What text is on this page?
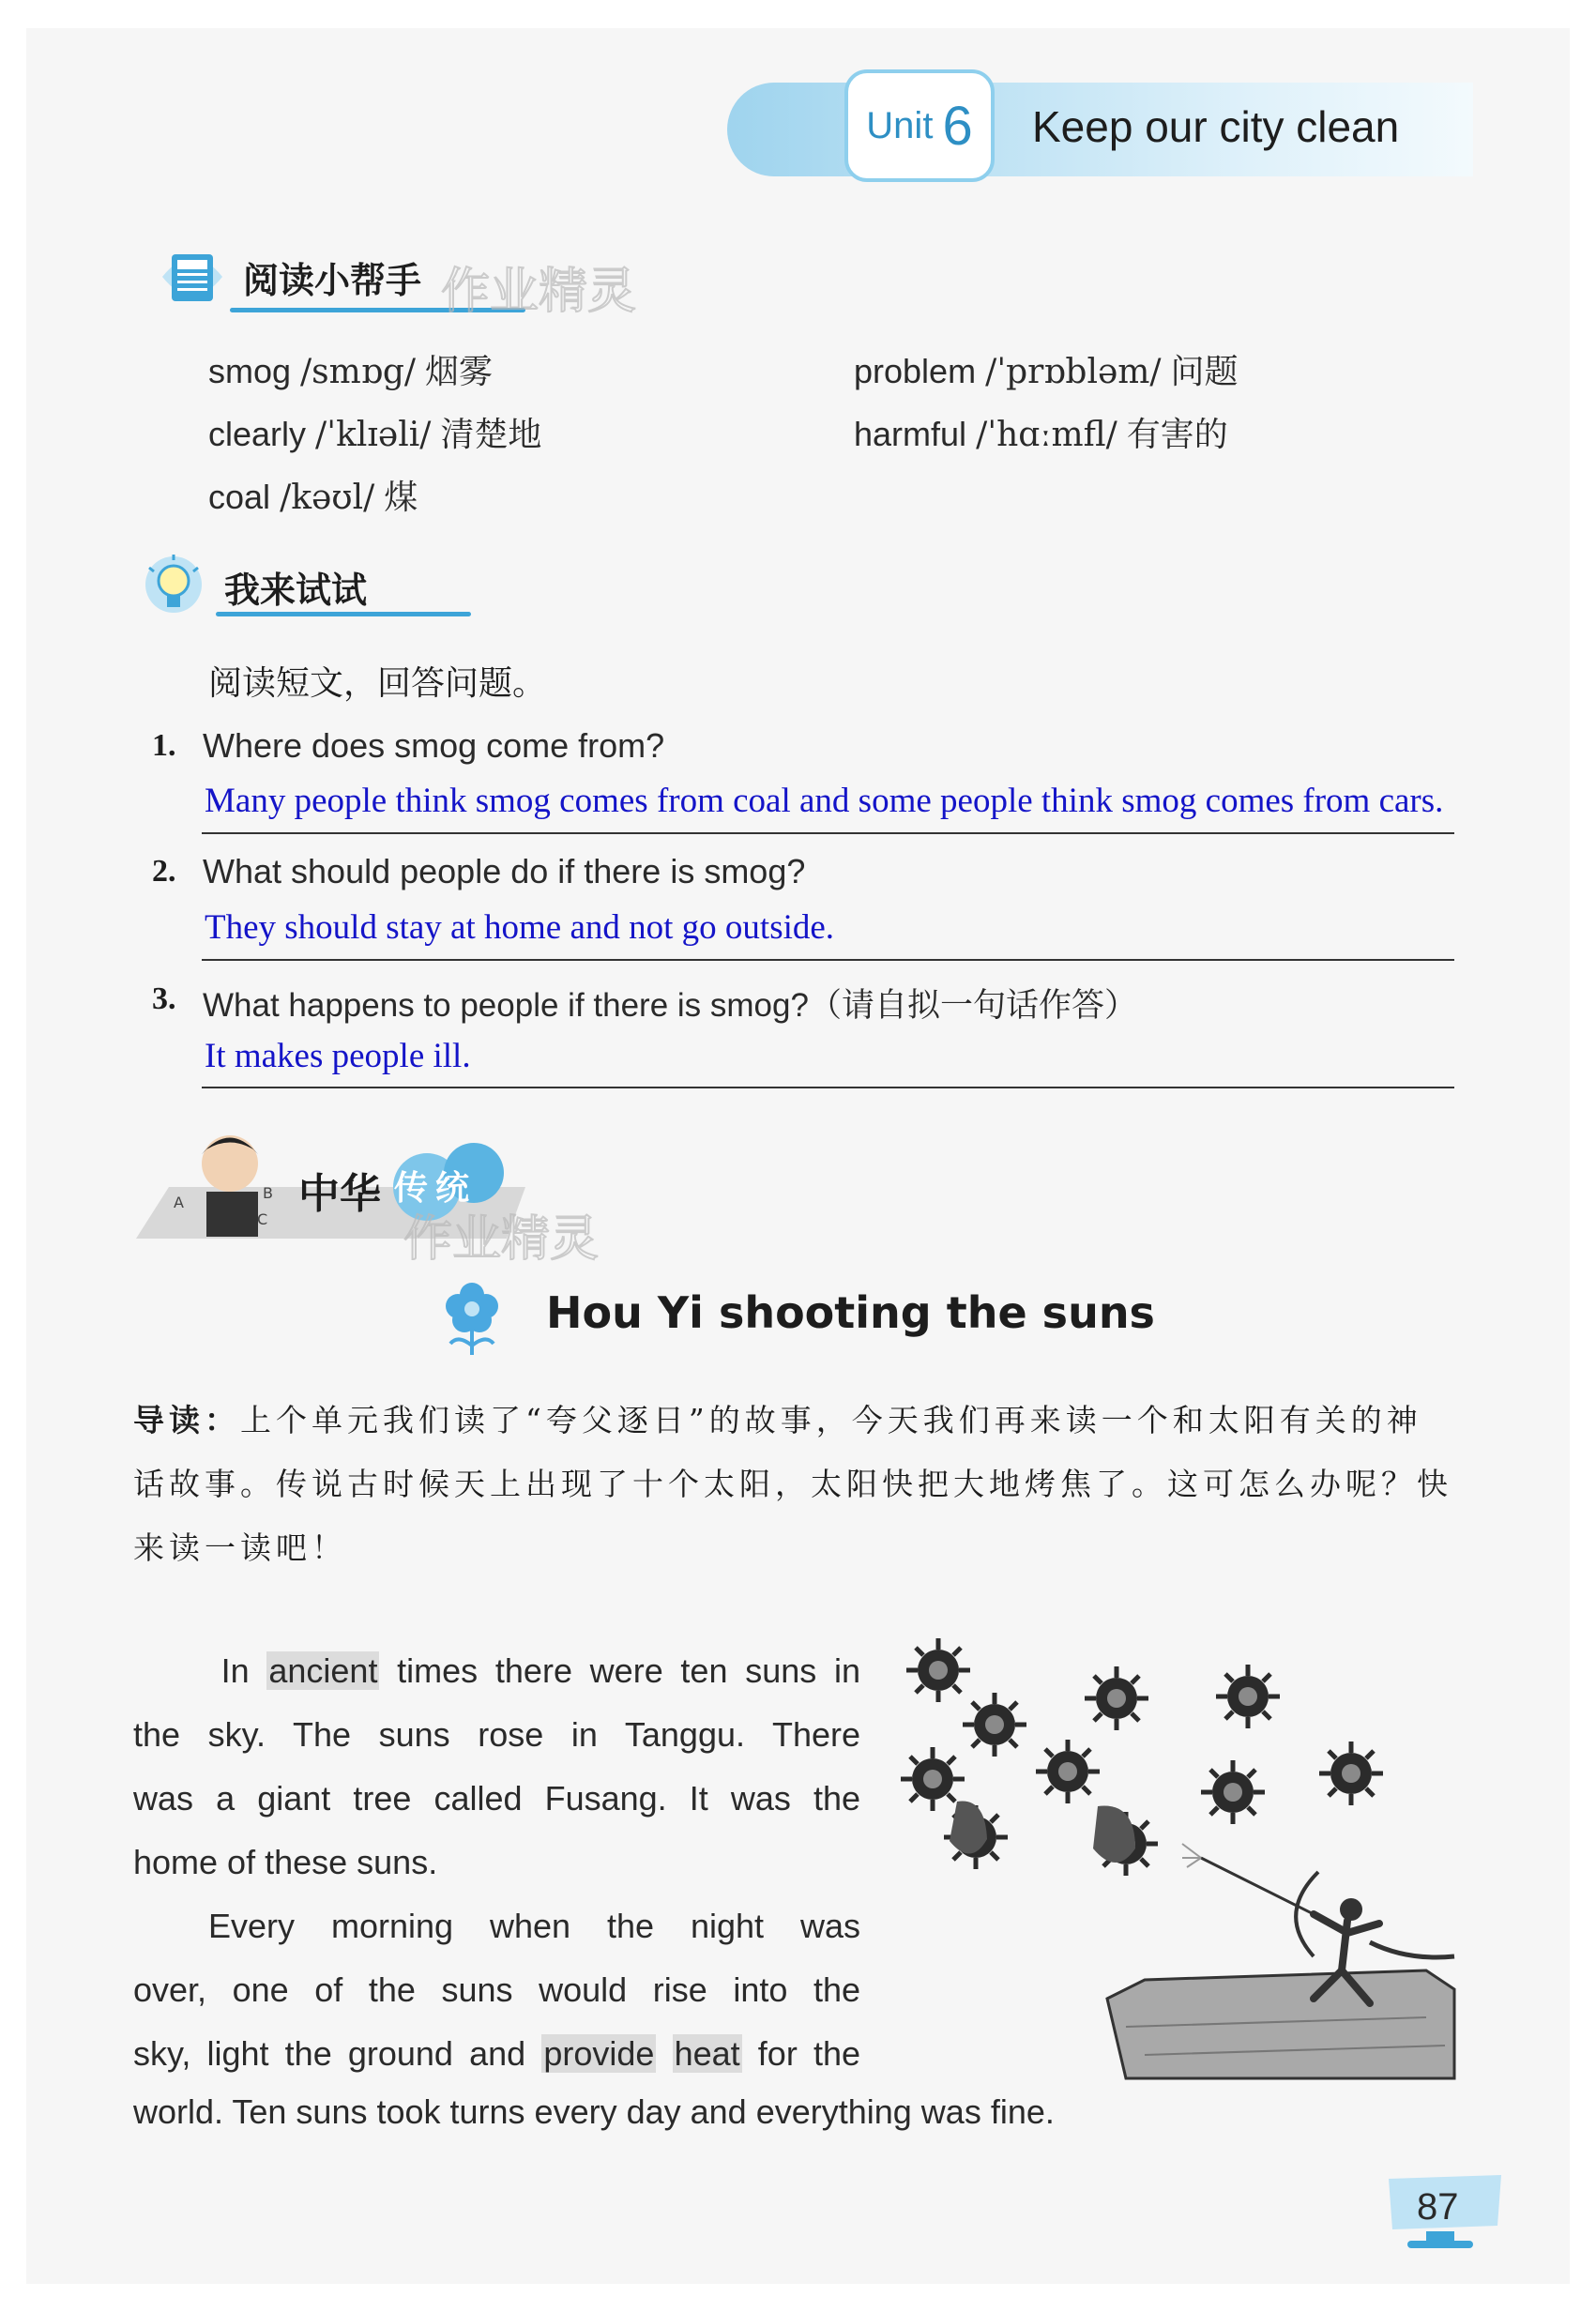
Unit 6 Keep our city clean
阅读小帮手 作业精灵
smog /smɒg/ 烟雾	problem /ˈprɒbləm/ 问题
clearly /ˈklɪəli/ 清楚地	harmful /ˈhɑːmfl/ 有害的
coal /kəʊl/ 煤
我来试试
阅读短文，回答问题。
1. Where does smog come from?
Many people think smog comes from coal and some people think smog comes from cars.
2. What should people do if there is smog?
They should stay at home and not go outside.
3. What happens to people if there is smog?（请自拟一句话作答）
It makes people ill.
A
B
C
中华 传统
作业精灵
Hou Yi shooting the suns
导读：上个单元我们读了“夸父逐日”的故事，今天我们再来读一个和太阳有关的神话故事。传说古时候天上出现了十个太阳，太阳快把大地烤焦了。这可怎么办呢？快来读一读吧！
In ancient times there were ten suns in
the sky. The suns rose in Tanggu. There
was a giant tree called Fusang. It was the
home of these suns.
Every morning when the night was
over, one of the suns would rise into the
sky, light the ground and provide heat for the
world. Ten suns took turns every day and everything was fine.
87
